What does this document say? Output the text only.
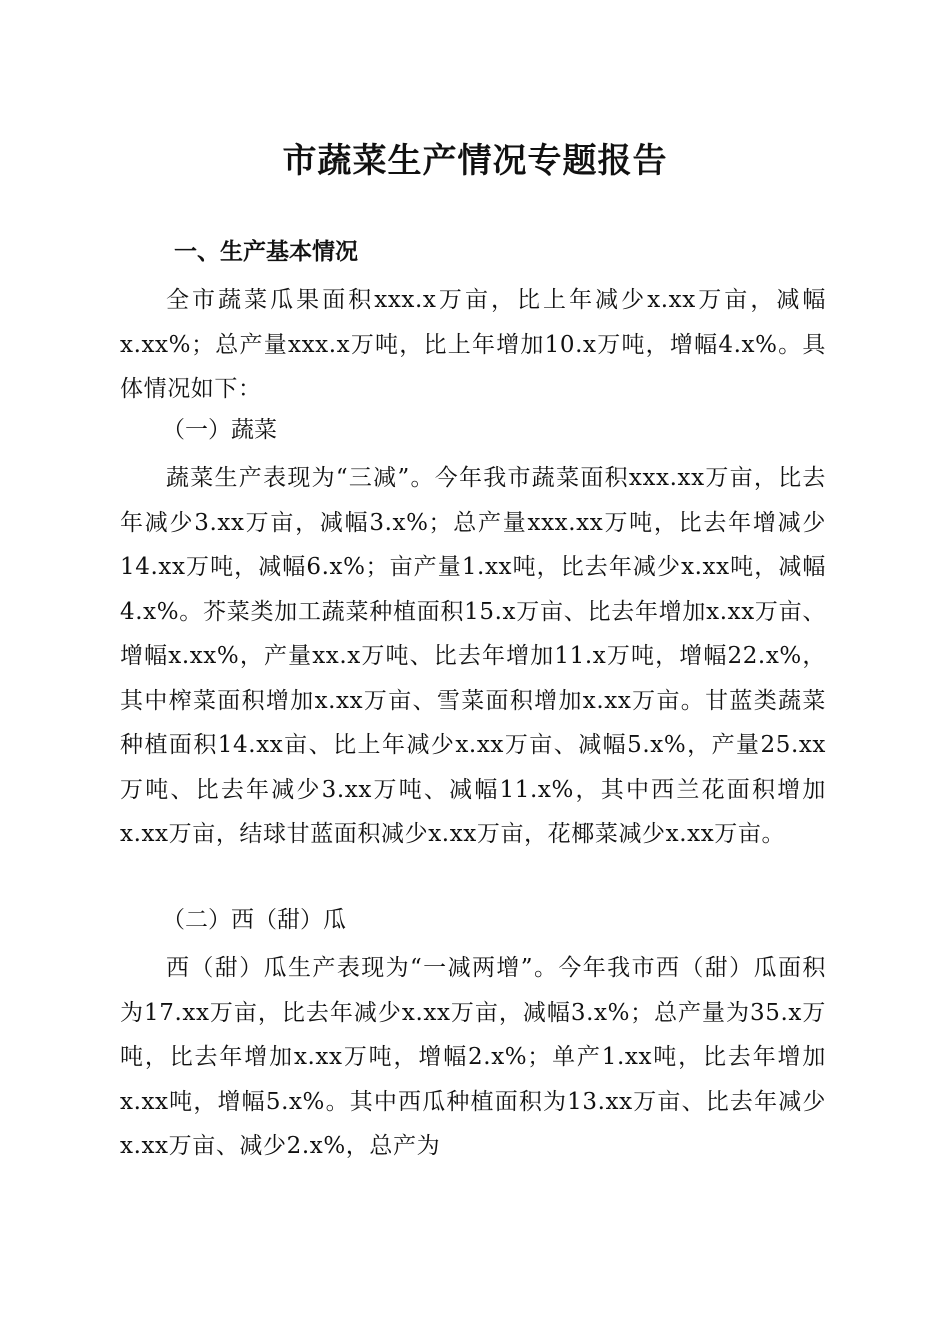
市蔬菜生产情况专题报告
一、生产基本情况

全市蔬菜瓜果面积xxx.x万亩，比上年减少x.xx万亩，减幅x.xx%；总产量xxx.x万吨，比上年增加10.x万吨，增幅4.x%。具体情况如下：

（一）蔬菜

蔬菜生产表现为“三减”。今年我市蔬菜面积xxx.xx万亩，比去年减少3.xx万亩，减幅3.x%；总产量xxx.xx万吨，比去年增减少14.xx万吨，减幅6.x%；亩产量1.xx吨，比去年减少x.xx吨，减幅4.x%。芥菜类加工蔬菜种植面积15.x万亩、比去年增加x.xx万亩、增幅x.xx%，产量xx.x万吨、比去年增加11.x万吨，增幅22.x%，其中榨菜面积增加x.xx万亩、雪菜面积增加x.xx万亩。甘蓝类蔬菜种植面积14.xx亩、比上年减少x.xx万亩、减幅5.x%，产量25.xx万吨、比去年减少3.xx万吨、减幅11.x%，其中西兰花面积增加x.xx万亩，结球甘蓝面积减少x.xx万亩，花椰菜减少x.xx万亩。

（二）西（甜）瓜

西（甜）瓜生产表现为“一减两增”。今年我市西（甜）瓜面积为17.xx万亩，比去年减少x.xx万亩，减幅3.x%；总产量为35.x万吨，比去年增加x.xx万吨，增幅2.x%；单产1.xx吨，比去年增加x.xx吨，增幅5.x%。其中西瓜种植面积为13.xx万亩、比去年减少x.xx万亩、减少2.x%，总产为
